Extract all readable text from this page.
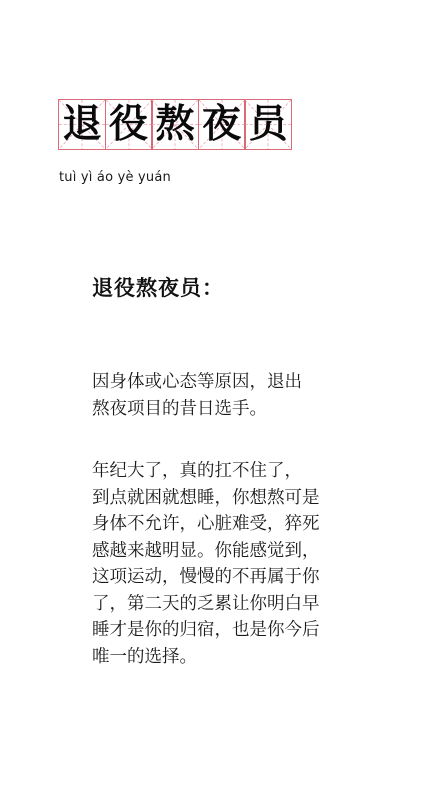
退 役 熬 夜 员
tuì yì áo yè yuán
退役熬夜员：
因身体或心态等原因，退出
熬夜项目的昔日选手。
年纪大了，真的扛不住了，
到点就困就想睡，你想熬可是
身体不允许，心脏难受，猝死
感越来越明显。你能感觉到，
这项运动，慢慢的不再属于你
了，第二天的乏累让你明白早
睡才是你的归宿，也是你今后
唯一的选择。
